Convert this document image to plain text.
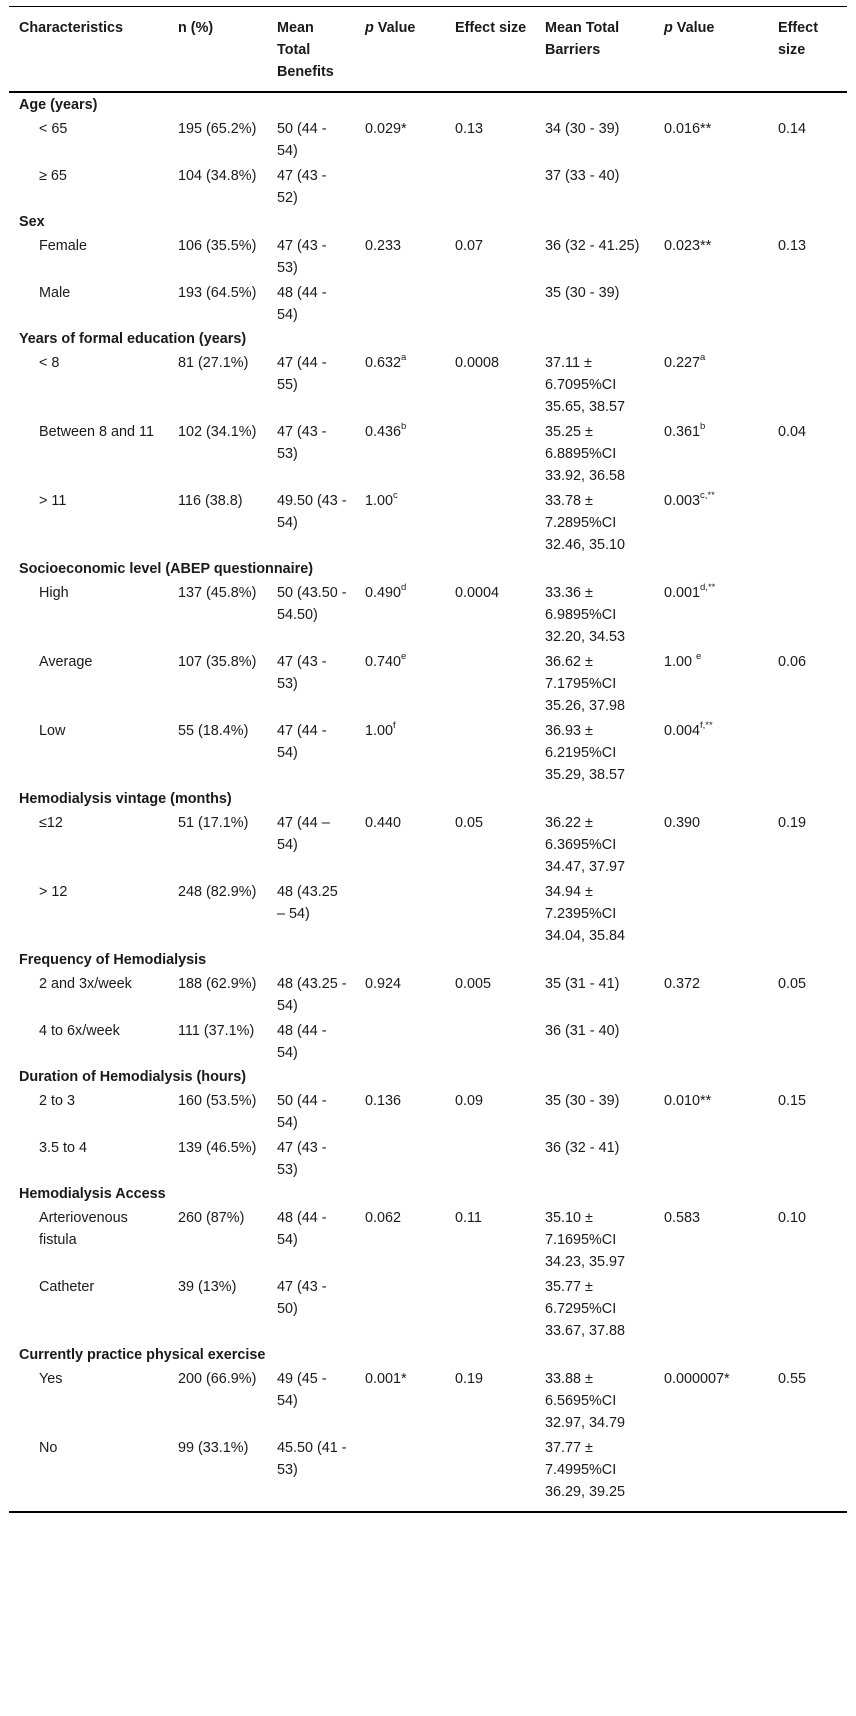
Characteristics	n (%)	Mean Total Benefits	p Value	Effect size	Mean Total Barriers	p Value	Effect size
Age (years)							
< 65	195 (65.2%)	50 (44 - 54)	0.029*	0.13	34 (30 - 39)	0.016**	0.14
≥ 65	104 (34.8%)	47 (43 - 52)			37 (33 - 40)		
Sex							
Female	106 (35.5%)	47 (43 - 53)	0.233	0.07	36 (32 - 41.25)	0.023**	0.13
Male	193 (64.5%)	48 (44 - 54)			35 (30 - 39)		
Years of formal education (years)							
< 8	81 (27.1%)	47 (44 - 55)	0.632$^a$	0.0008	37.11 ± 6.7095%CI 35.65, 38.57	0.227$^a$	
Between 8 and 11	102 (34.1%)	47 (43 - 53)	0.436$^b$		35.25 ± 6.8895%CI 33.92, 36.58	0.361$^b$	0.04
> 11	116 (38.8)	49.50 (43 - 54)	1.00$^c$		33.78 ± 7.2895%CI 32.46, 35.10	$0.003^{c,**}$	
Socioeconomic level (ABEP questionnaire)							
High	137 (45.8%)	50 (43.50 - 54.50)	0.490$^d$	0.0004	33.36 ± 6.9895%CI 32.20, 34.53	$0.001^{d,**}$	
Average	107 (35.8%)	47 (43 - 53)	0.740e		36.62 ± 7.1795%CI 35.26, 37.98	1.00 $^e$	0.06
Low	55 (18.4%)	47 (44 - 54)	1.00$^f$		36.93 ± 6.2195%CI 35.29, 38.57	$0.004^{f,**}$	
Hemodialysis vintage (months)							
≤12	51 (17.1%)	47 (44 – 54)	0.440	0.05	36.22 ± 6.3695%CI 34.47, 37.97	0.390	0.19
> 12	248 (82.9%)	48 (43.25 – 54)			34.94 ± 7.2395%CI 34.04, 35.84		
Frequency of Hemodialysis							
2 and 3x/week	188 (62.9%)	48 (43.25 - 54)	0.924	0.005	35 (31 - 41)	0.372	0.05
4 to 6x/week	111 (37.1%)	48 (44 - 54)			36 (31 - 40)		
Duration of Hemodialysis (hours)							
2 to 3	160 (53.5%)	50 (44 - 54)	0.136	0.09	35 (30 - 39)	0.010**	0.15
3.5 to 4	139 (46.5%)	47 (43 - 53)			36 (32 - 41)		
Hemodialysis Access							
Arteriovenous fistula	260 (87%)	48 (44 - 54)	0.062	0.11	35.10 ± 7.1695%CI 34.23, 35.97	0.583	0.10
Catheter	39 (13%)	47 (43 - 50)			35.77 ± 6.7295%CI 33.67, 37.88		
Currently practice physical exercise							
Yes	200 (66.9%)	49 (45 - 54)	0.001*	0.19	33.88 ± 6.5695%CI 32.97, 34.79	0.000007*	0.55
No	99 (33.1%)	45.50 (41 - 53)			37.77 ± 7.4995%CI 36.29, 39.25		
